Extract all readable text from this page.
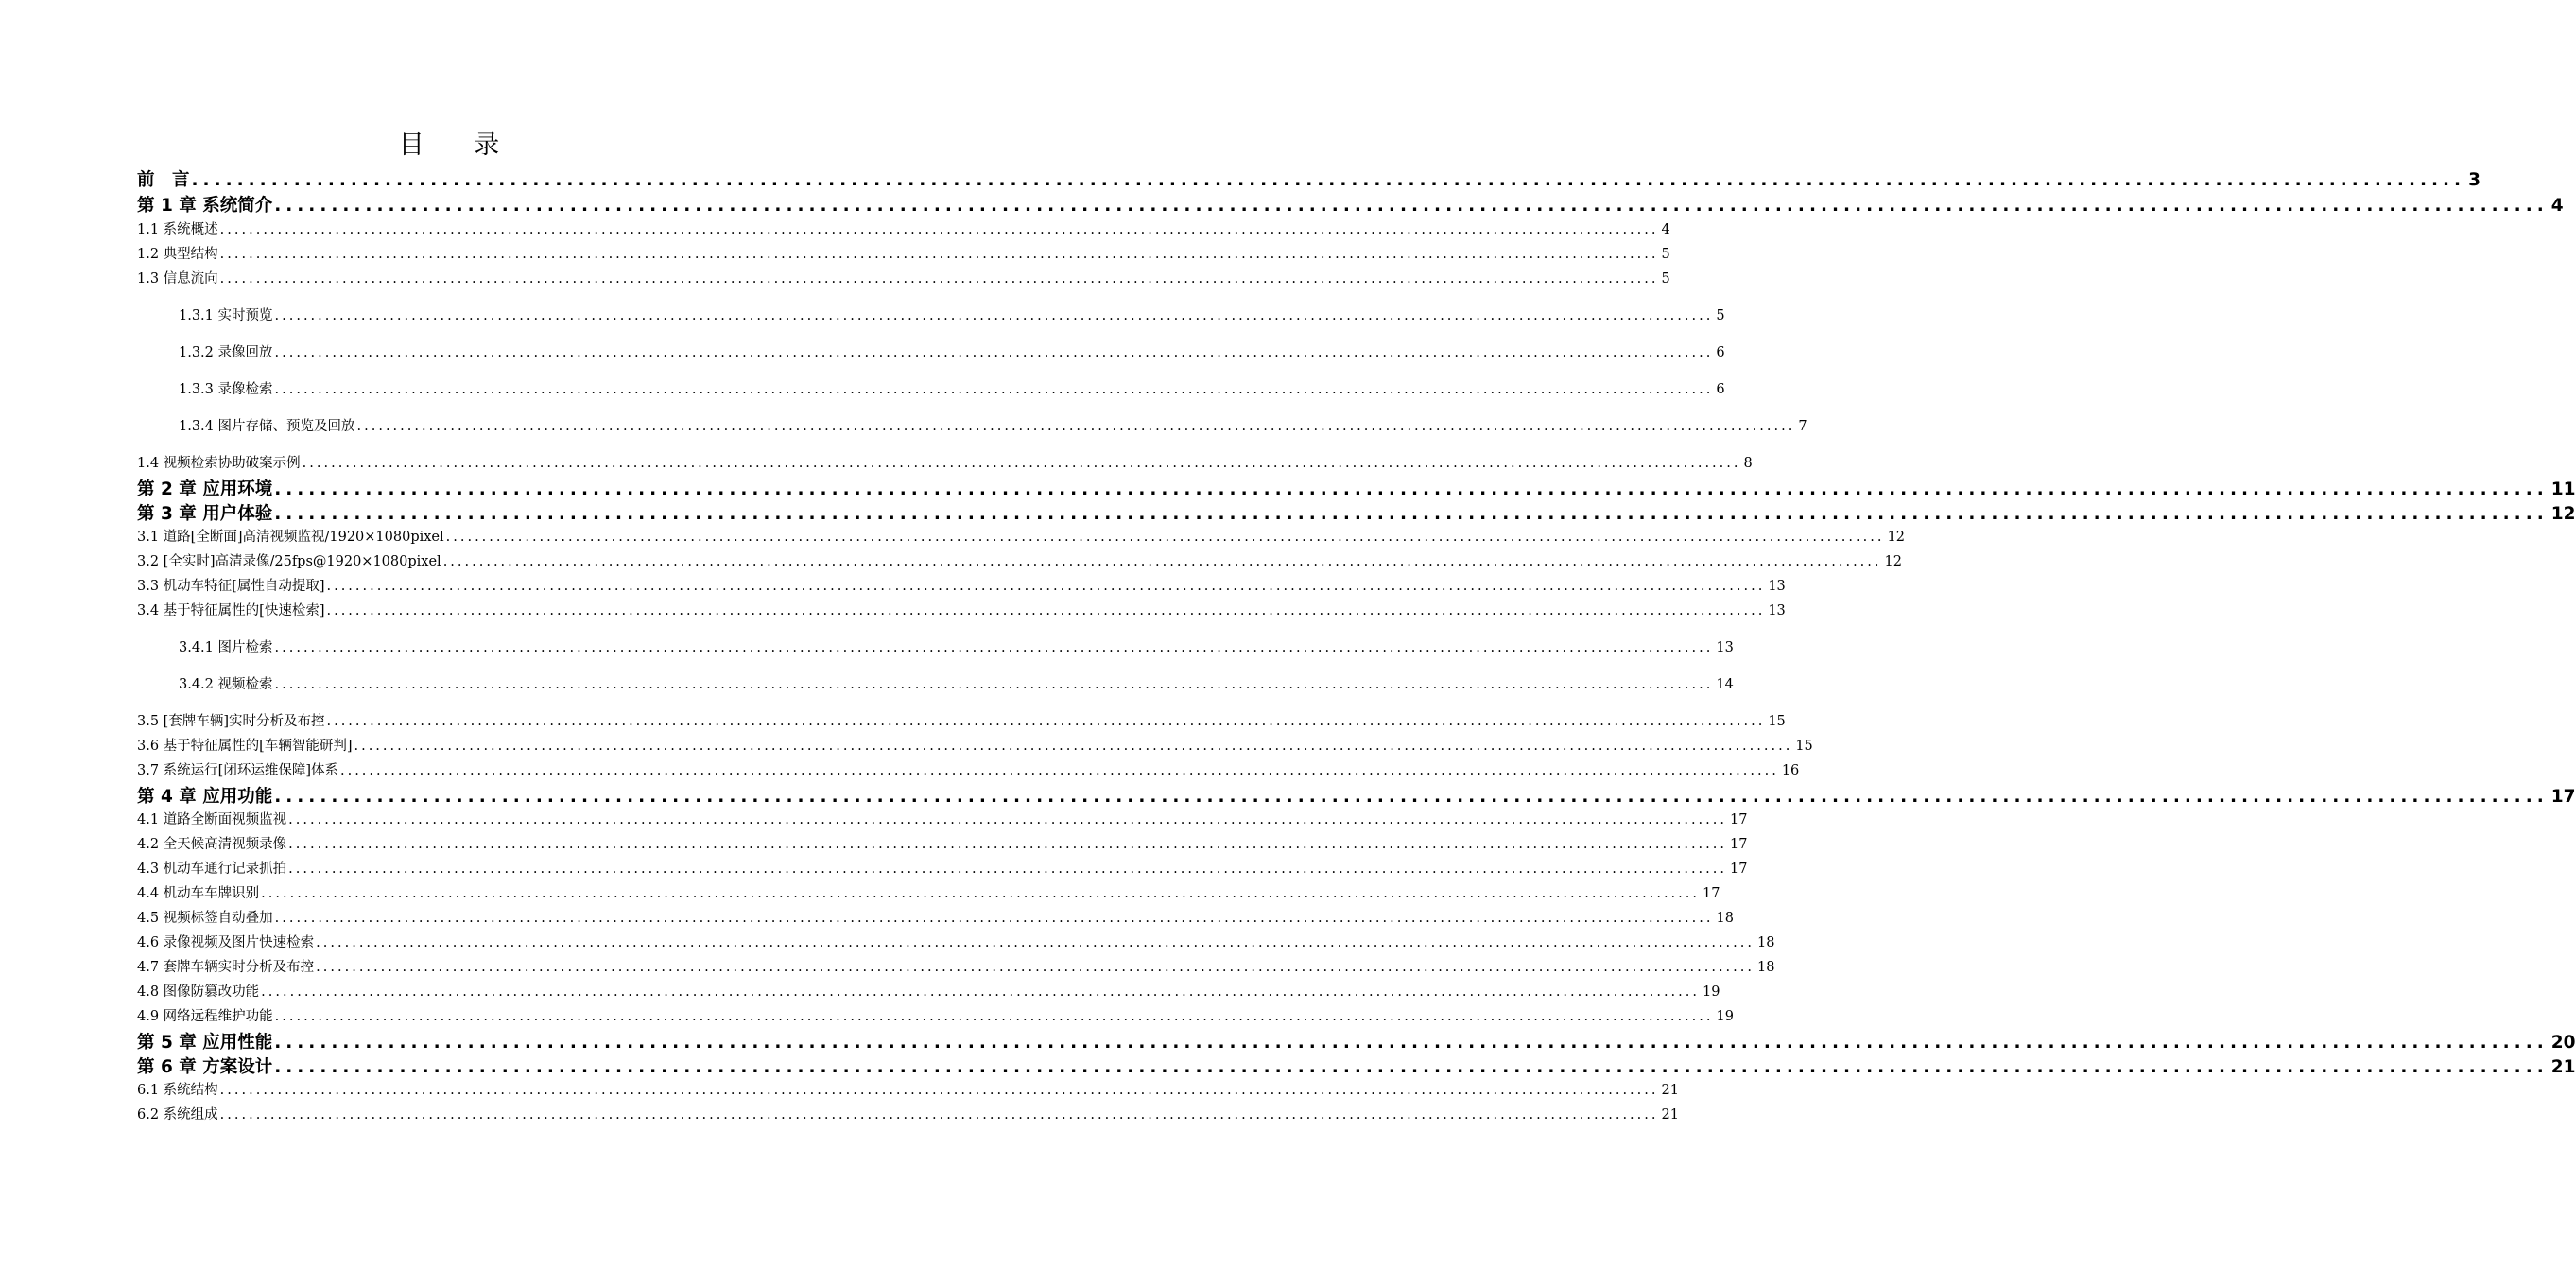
目 录
前　言 ........................................................................................................................................................................................................ 3
第 1 章 系统简介 ........................................................................................................................................................................................................ 4
1.1 系统概述 ........................................................................................................................................................................................................ 4
1.2 典型结构 ........................................................................................................................................................................................................ 5
1.3 信息流向 ........................................................................................................................................................................................................ 5
1.3.1 实时预览 ........................................................................................................................................................................................................ 5
1.3.2 录像回放 ........................................................................................................................................................................................................ 6
1.3.3 录像检索 ........................................................................................................................................................................................................ 6
1.3.4 图片存储、预览及回放 ........................................................................................................................................................................................................ 7
1.4 视频检索协助破案示例 ........................................................................................................................................................................................................ 8
第 2 章 应用环境 ........................................................................................................................................................................................................ 11
第 3 章 用户体验 ........................................................................................................................................................................................................ 12
3.1 道路[全断面]高清视频监视/1920×1080pixel ........................................................................................................................................................................................................ 12
3.2 [全实时]高清录像/25fps@1920×1080pixel ........................................................................................................................................................................................................ 12
3.3 机动车特征[属性自动提取] ........................................................................................................................................................................................................ 13
3.4 基于特征属性的[快速检索] ........................................................................................................................................................................................................ 13
3.4.1 图片检索 ........................................................................................................................................................................................................ 13
3.4.2 视频检索 ........................................................................................................................................................................................................ 14
3.5 [套牌车辆]实时分析及布控 ........................................................................................................................................................................................................ 15
3.6 基于特征属性的[车辆智能研判] ........................................................................................................................................................................................................ 15
3.7 系统运行[闭环运维保障]体系 ........................................................................................................................................................................................................ 16
第 4 章 应用功能 ........................................................................................................................................................................................................ 17
4.1 道路全断面视频监视 ........................................................................................................................................................................................................ 17
4.2 全天候高清视频录像 ........................................................................................................................................................................................................ 17
4.3 机动车通行记录抓拍 ........................................................................................................................................................................................................ 17
4.4 机动车车牌识别 ........................................................................................................................................................................................................ 17
4.5 视频标签自动叠加 ........................................................................................................................................................................................................ 18
4.6 录像视频及图片快速检索 ........................................................................................................................................................................................................ 18
4.7 套牌车辆实时分析及布控 ........................................................................................................................................................................................................ 18
4.8 图像防篡改功能 ........................................................................................................................................................................................................ 19
4.9 网络远程维护功能 ........................................................................................................................................................................................................ 19
第 5 章 应用性能 ........................................................................................................................................................................................................ 20
第 6 章 方案设计 ........................................................................................................................................................................................................ 21
6.1 系统结构 ........................................................................................................................................................................................................ 21
6.2 系统组成 ........................................................................................................................................................................................................ 21
